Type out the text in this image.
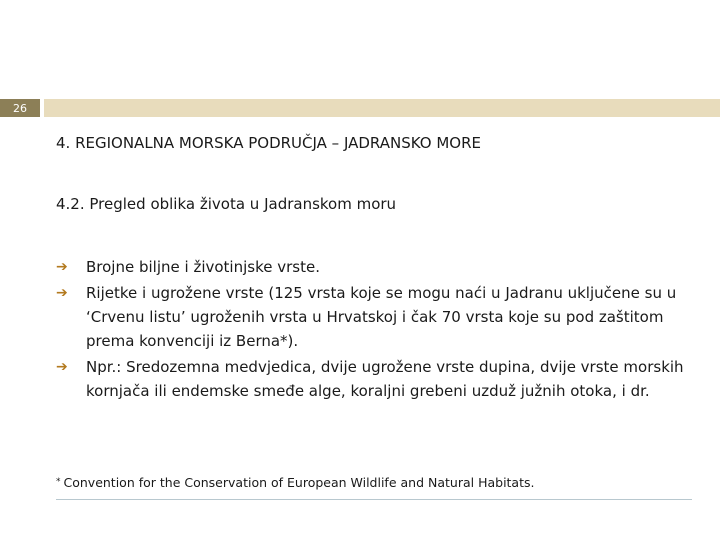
26
4. REGIONALNA MORSKA PODRUČJA – JADRANSKO MORE
4.2. Pregled oblika života u Jadranskom moru
➔ Brojne biljne i životinjske vrste.
➔ Rijetke i ugrožene vrste (125 vrsta koje se mogu naći u Jadranu uključene su u ‘Crvenu listu’ ugroženih vrsta u Hrvatskoj i čak 70 vrsta koje su pod zaštitom prema konvenciji iz Berna*).
➔ Npr.: Sredozemna medvjedica, dvije ugrožene vrste dupina, dvije vrste morskih kornjača ili endemske smeđe alge, koraljni grebeni uzduž južnih otoka, i dr.
* Convention for the Conservation of European Wildlife and Natural Habitats.
